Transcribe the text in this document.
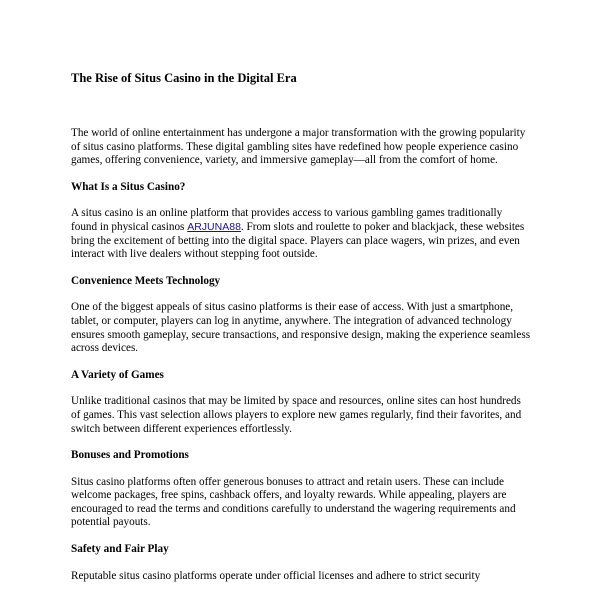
The Rise of Situs Casino in the Digital Era

The world of online entertainment has undergone a major transformation with the growing popularity of situs casino platforms. These digital gambling sites have redefined how people experience casino games, offering convenience, variety, and immersive gameplay—all from the comfort of home.

What Is a Situs Casino?

A situs casino is an online platform that provides access to various gambling games traditionally found in physical casinos ARJUNA88. From slots and roulette to poker and blackjack, these websites bring the excitement of betting into the digital space. Players can place wagers, win prizes, and even interact with live dealers without stepping foot outside.

Convenience Meets Technology

One of the biggest appeals of situs casino platforms is their ease of access. With just a smartphone, tablet, or computer, players can log in anytime, anywhere. The integration of advanced technology ensures smooth gameplay, secure transactions, and responsive design, making the experience seamless across devices.

A Variety of Games

Unlike traditional casinos that may be limited by space and resources, online sites can host hundreds of games. This vast selection allows players to explore new games regularly, find their favorites, and switch between different experiences effortlessly.

Bonuses and Promotions

Situs casino platforms often offer generous bonuses to attract and retain users. These can include welcome packages, free spins, cashback offers, and loyalty rewards. While appealing, players are encouraged to read the terms and conditions carefully to understand the wagering requirements and potential payouts.

Safety and Fair Play

Reputable situs casino platforms operate under official licenses and adhere to strict security
